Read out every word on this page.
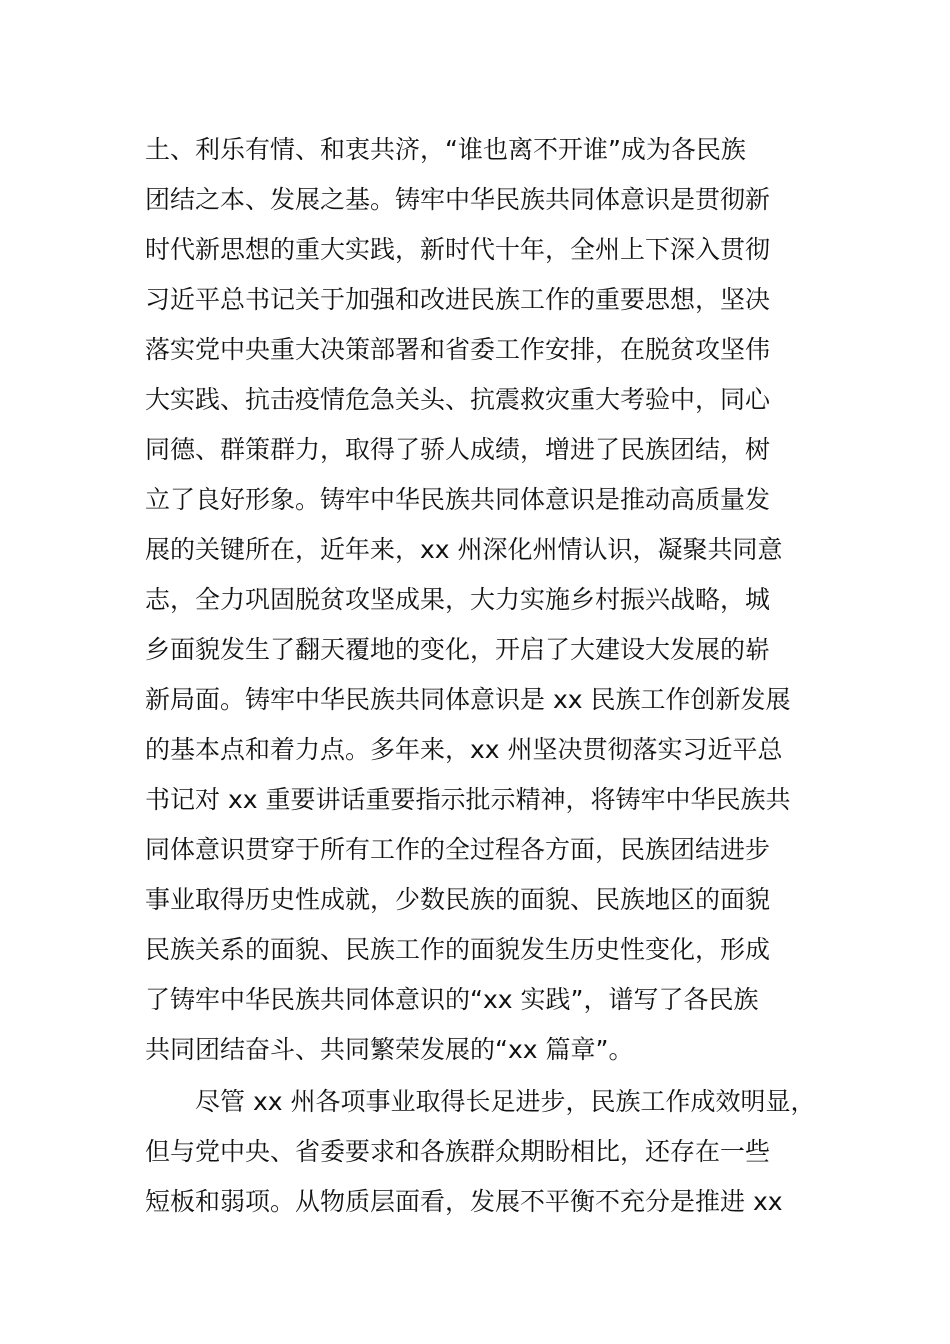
土、利乐有情、和衷共济，“谁也离不开谁”成为各民族
团结之本、发展之基。铸牢中华民族共同体意识是贯彻新
时代新思想的重大实践，新时代十年，全州上下深入贯彻
习近平总书记关于加强和改进民族工作的重要思想，坚决
落实党中央重大决策部署和省委工作安排，在脱贫攻坚伟
大实践、抗击疫情危急关头、抗震救灾重大考验中，同心
同德、群策群力，取得了骄人成绩，增进了民族团结，树
立了良好形象。铸牢中华民族共同体意识是推动高质量发
展的关键所在，近年来，xx 州深化州情认识，凝聚共同意
志，全力巩固脱贫攻坚成果，大力实施乡村振兴战略，城
乡面貌发生了翻天覆地的变化，开启了大建设大发展的崭
新局面。铸牢中华民族共同体意识是 xx 民族工作创新发展
的基本点和着力点。多年来，xx 州坚决贯彻落实习近平总
书记对 xx 重要讲话重要指示批示精神，将铸牢中华民族共
同体意识贯穿于所有工作的全过程各方面，民族团结进步
事业取得历史性成就，少数民族的面貌、民族地区的面貌
民族关系的面貌、民族工作的面貌发生历史性变化，形成
了铸牢中华民族共同体意识的“xx 实践”，谱写了各民族
共同团结奋斗、共同繁荣发展的“xx 篇章”。
尽管 xx 州各项事业取得长足进步，民族工作成效明显，
但与党中央、省委要求和各族群众期盼相比，还存在一些
短板和弱项。从物质层面看，发展不平衡不充分是推进 xx
